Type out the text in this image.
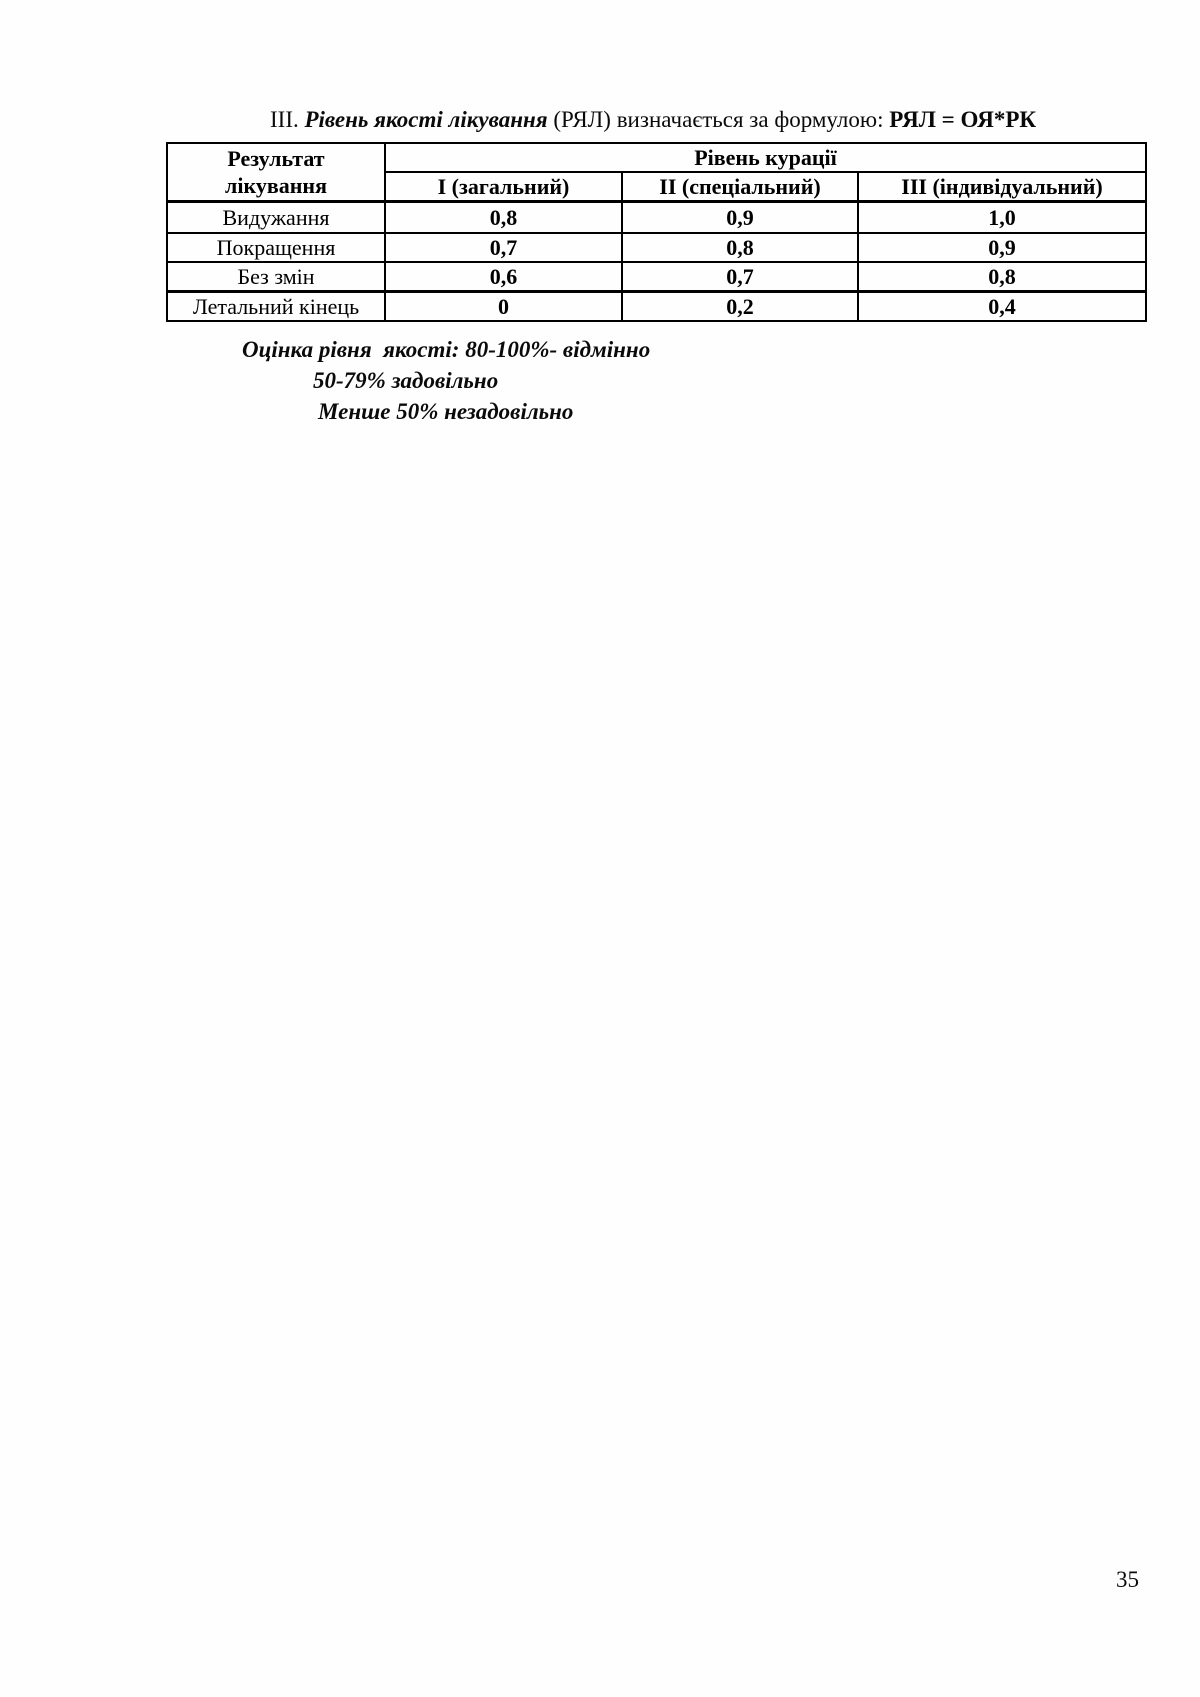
III. Рівень якості лікування (РЯЛ) визначається за формулою: РЯЛ = ОЯ*РК
Результат
лікування	Рівень курації		
	I (загальний)	II (спеціальний)	III (індивідуальний)
Видужання	0,8	0,9	1,0
Покращення	0,7	0,8	0,9
Без змін	0,6	0,7	0,8
Летальний кінець	0	0,2	0,4
Оцінка рівня  якості: 80-100%- відмінно
50-79% задовільно
Менше 50% незадовільно
35
